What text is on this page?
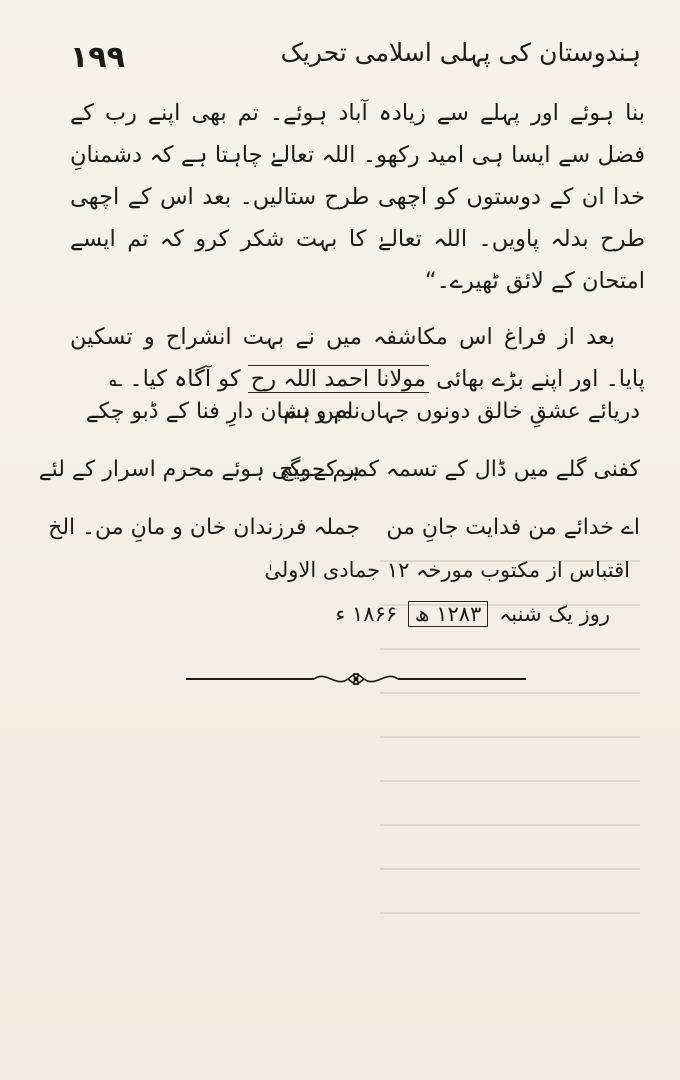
۱۹۹	ہندوستان کی پہلی اسلامی تحریک

بنا ہوئے اور پہلے سے زیادہ آباد ہوئے۔ تم بھی اپنے رب کے فضل سے ایسا ہی امید رکھو۔ اللہ تعالےٰ چاہتا ہے کہ دشمنانِ خدا ان کے دوستوں کو اچھی طرح ستالیں۔ بعد اس کے اچھی طرح بدلہ پاویں۔ اللہ تعالےٰ کا بہت شکر کرو کہ تم ایسے امتحان کے لائق ٹھیرے۔“

بعد از فراغ اس مکاشفہ میں نے بہت انشراح و تسکین پایا۔ اور اپنے بڑے بھائی مولانا احمد اللہ رح کو آگاہ کیا۔ ؎

دریائے عشقِ خالق دونوں جہاں میں ہم
نام و نشان دارِ فنا کے ڈبو چکے
کفنی گلے میں ڈال کے تسمہ کمر کے بیچ
ہم جوگی ہوئے محرم اسرار کے لئے
اے خدائے من فدایت جانِ من
جملہ فرزندان خان و مانِ من۔ الخ
اقتباس از مکتوب مورخہ ۱۲ جمادی الاولیٰ
روز یک شنبہ ۱۲۸۳ ھ ۱۸۶۶ ء
